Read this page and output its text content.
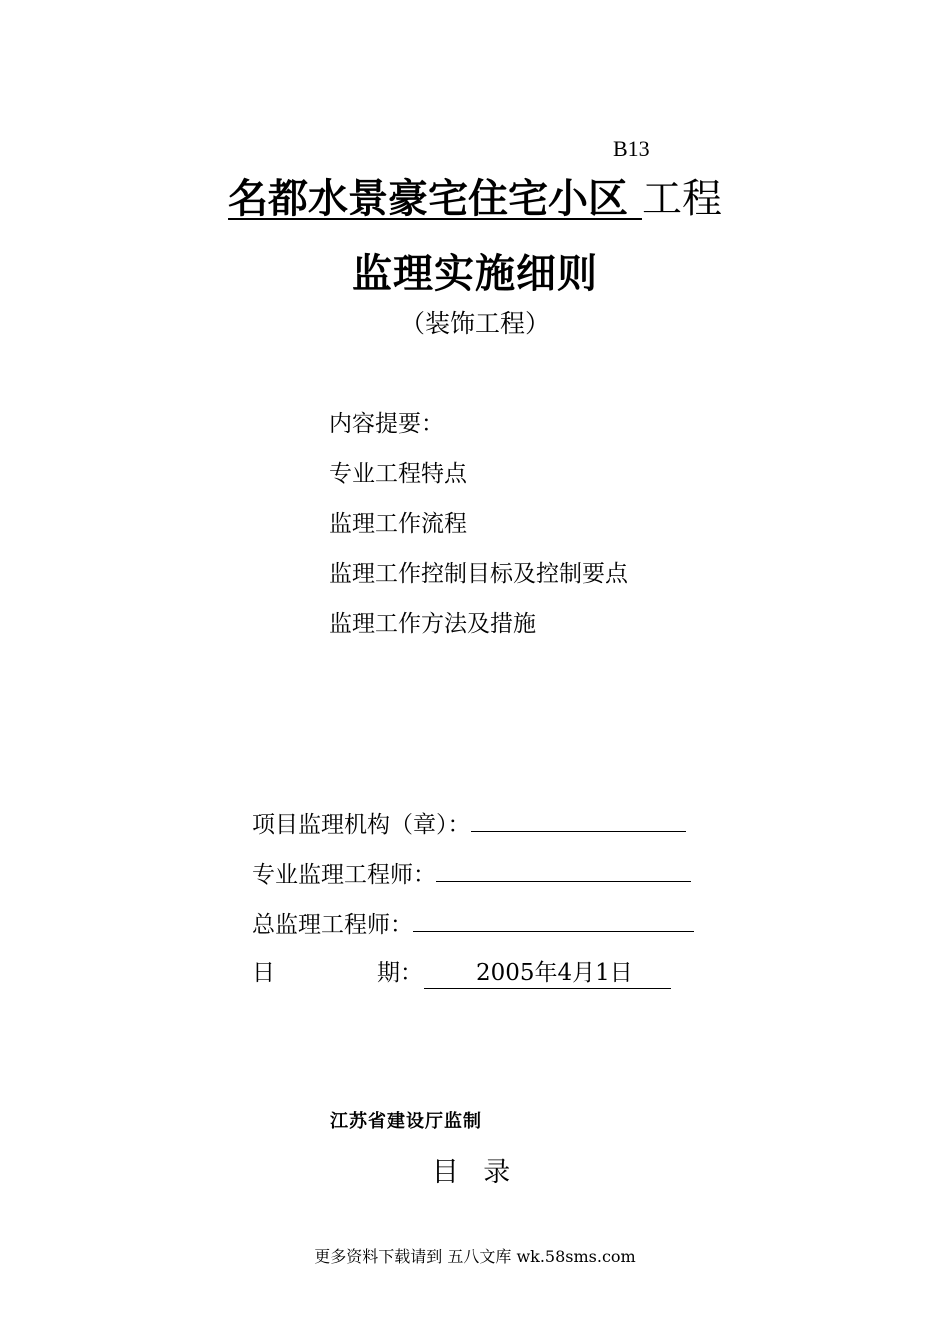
B13
名都水景豪宅住宅小区 工程
监理实施细则
（装饰工程）
内容提要：
专业工程特点
监理工作流程
监理工作控制目标及控制要点
监理工作方法及措施
项目监理机构（章）：
专业监理工程师：
总监理工程师：
日	期： 2005年4月1日
江苏省建设厅监制
目 录
更多资料下载请到 五八文库 wk.58sms.com
